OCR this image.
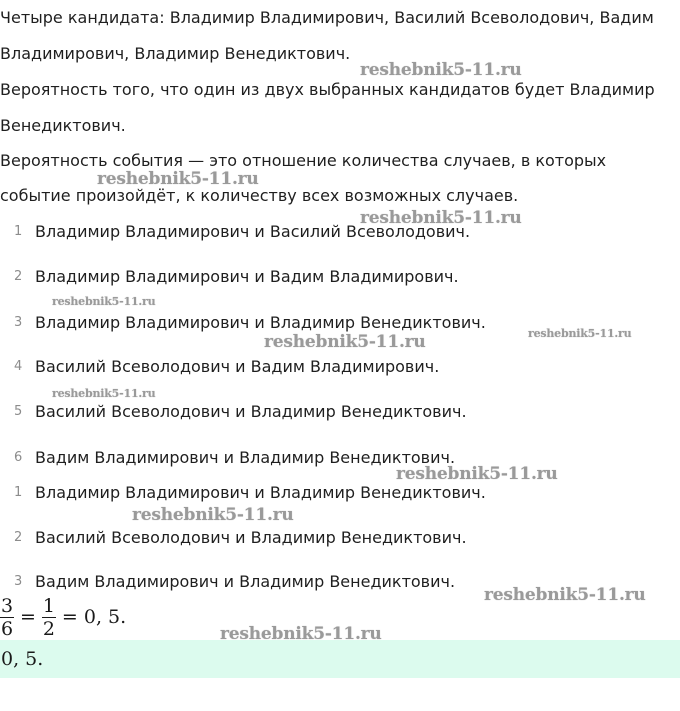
Четыре кандидата: Владимир Владимирович, Василий Всеволодович, Вадим

Владимирович, Владимир Венедиктович.

Вероятность того, что один из двух выбранных кандидатов будет Владимир

Венедиктович.

Вероятность события — это отношение количества случаев, в которых

событие произойдёт, к количеству всех возможных случаев.

1 Владимир Владимирович и Василий Всеволодович.
2 Владимир Владимирович и Вадим Владимирович.
3 Владимир Владимирович и Владимир Венедиктович.
4 Василий Всеволодович и Вадим Владимирович.
5 Василий Всеволодович и Владимир Венедиктович.
6 Вадим Владимирович и Владимир Венедиктович.
1 Владимир Владимирович и Владимир Венедиктович.
2 Василий Всеволодович и Владимир Венедиктович.
3 Вадим Владимирович и Владимир Венедиктович.
$\frac{3}{6} = \frac{1}{2} = 0$, 5.
0, 5.
reshebnik5-11.ru
reshebnik5-11.ru
reshebnik5-11.ru
reshebnik5-11.ru
reshebnik5-11.ru
reshebnik5-11.ru
reshebnik5-11.ru
reshebnik5-11.ru
reshebnik5-11.ru
reshebnik5-11.ru
reshebnik5-11.ru
